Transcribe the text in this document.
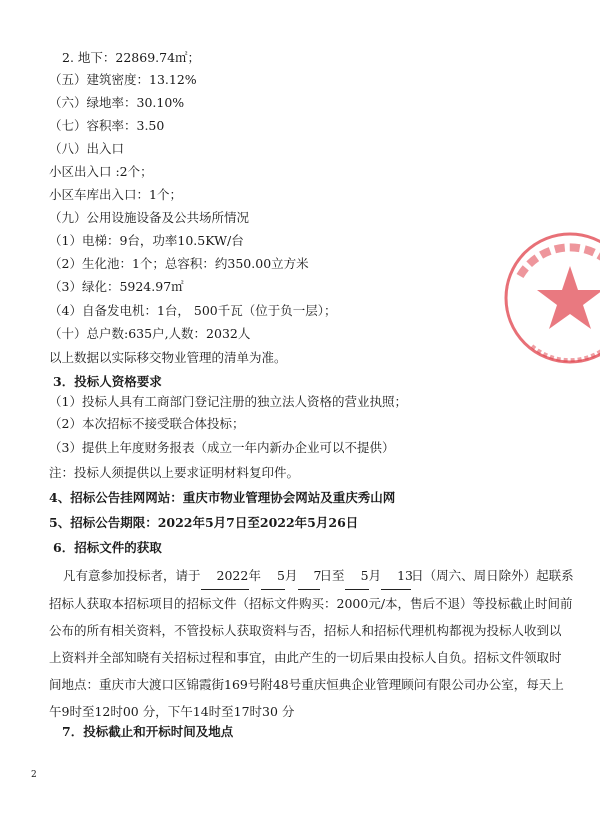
2. 地下：22869.74㎡；
（五）建筑密度：13.12%
（六）绿地率：30.10%
（七）容积率：3.50
（八）出入口
小区出入口 :2个；
小区车库出入口：1个；
（九）公用设施设备及公共场所情况
（1）电梯：9台，功率10.5KW/台
（2）生化池：1个；总容积：约350.00立方米
（3）绿化：5924.97㎡
（4）自备发电机：1台， 500千瓦（位于负一层）；
（十）总户数:635户,人数：2032人
以上数据以实际移交物业管理的清单为准。
3．投标人资格要求
（1）投标人具有工商部门登记注册的独立法人资格的营业执照；
（2）本次招标不接受联合体投标；
（3）提供上年度财务报表（成立一年内新办企业可以不提供）
注：投标人须提供以上要求证明材料复印件。
4、招标公告挂网网站：重庆市物业管理协会网站及重庆秀山网
5、招标公告期限：2022年5月7日至2022年5月26日
6．招标文件的获取
凡有意参加投标者，请于 2022年 5月 7日至 5月 13日（周六、周日除外）起联系
招标人获取本招标项目的招标文件（招标文件购买：2000元/本，售后不退）等投标截止时间前
公布的所有相关资料，不管投标人获取资料与否，招标人和招标代理机构都视为投标人收到以
上资料并全部知晓有关招标过程和事宜，由此产生的一切后果由投标人自负。招标文件领取时
间地点：重庆市大渡口区锦霞街169号附48号重庆恒典企业管理顾问有限公司办公室，每天上
午9时至12时00 分，下午14时至17时30 分
7．投标截止和开标时间及地点
2
